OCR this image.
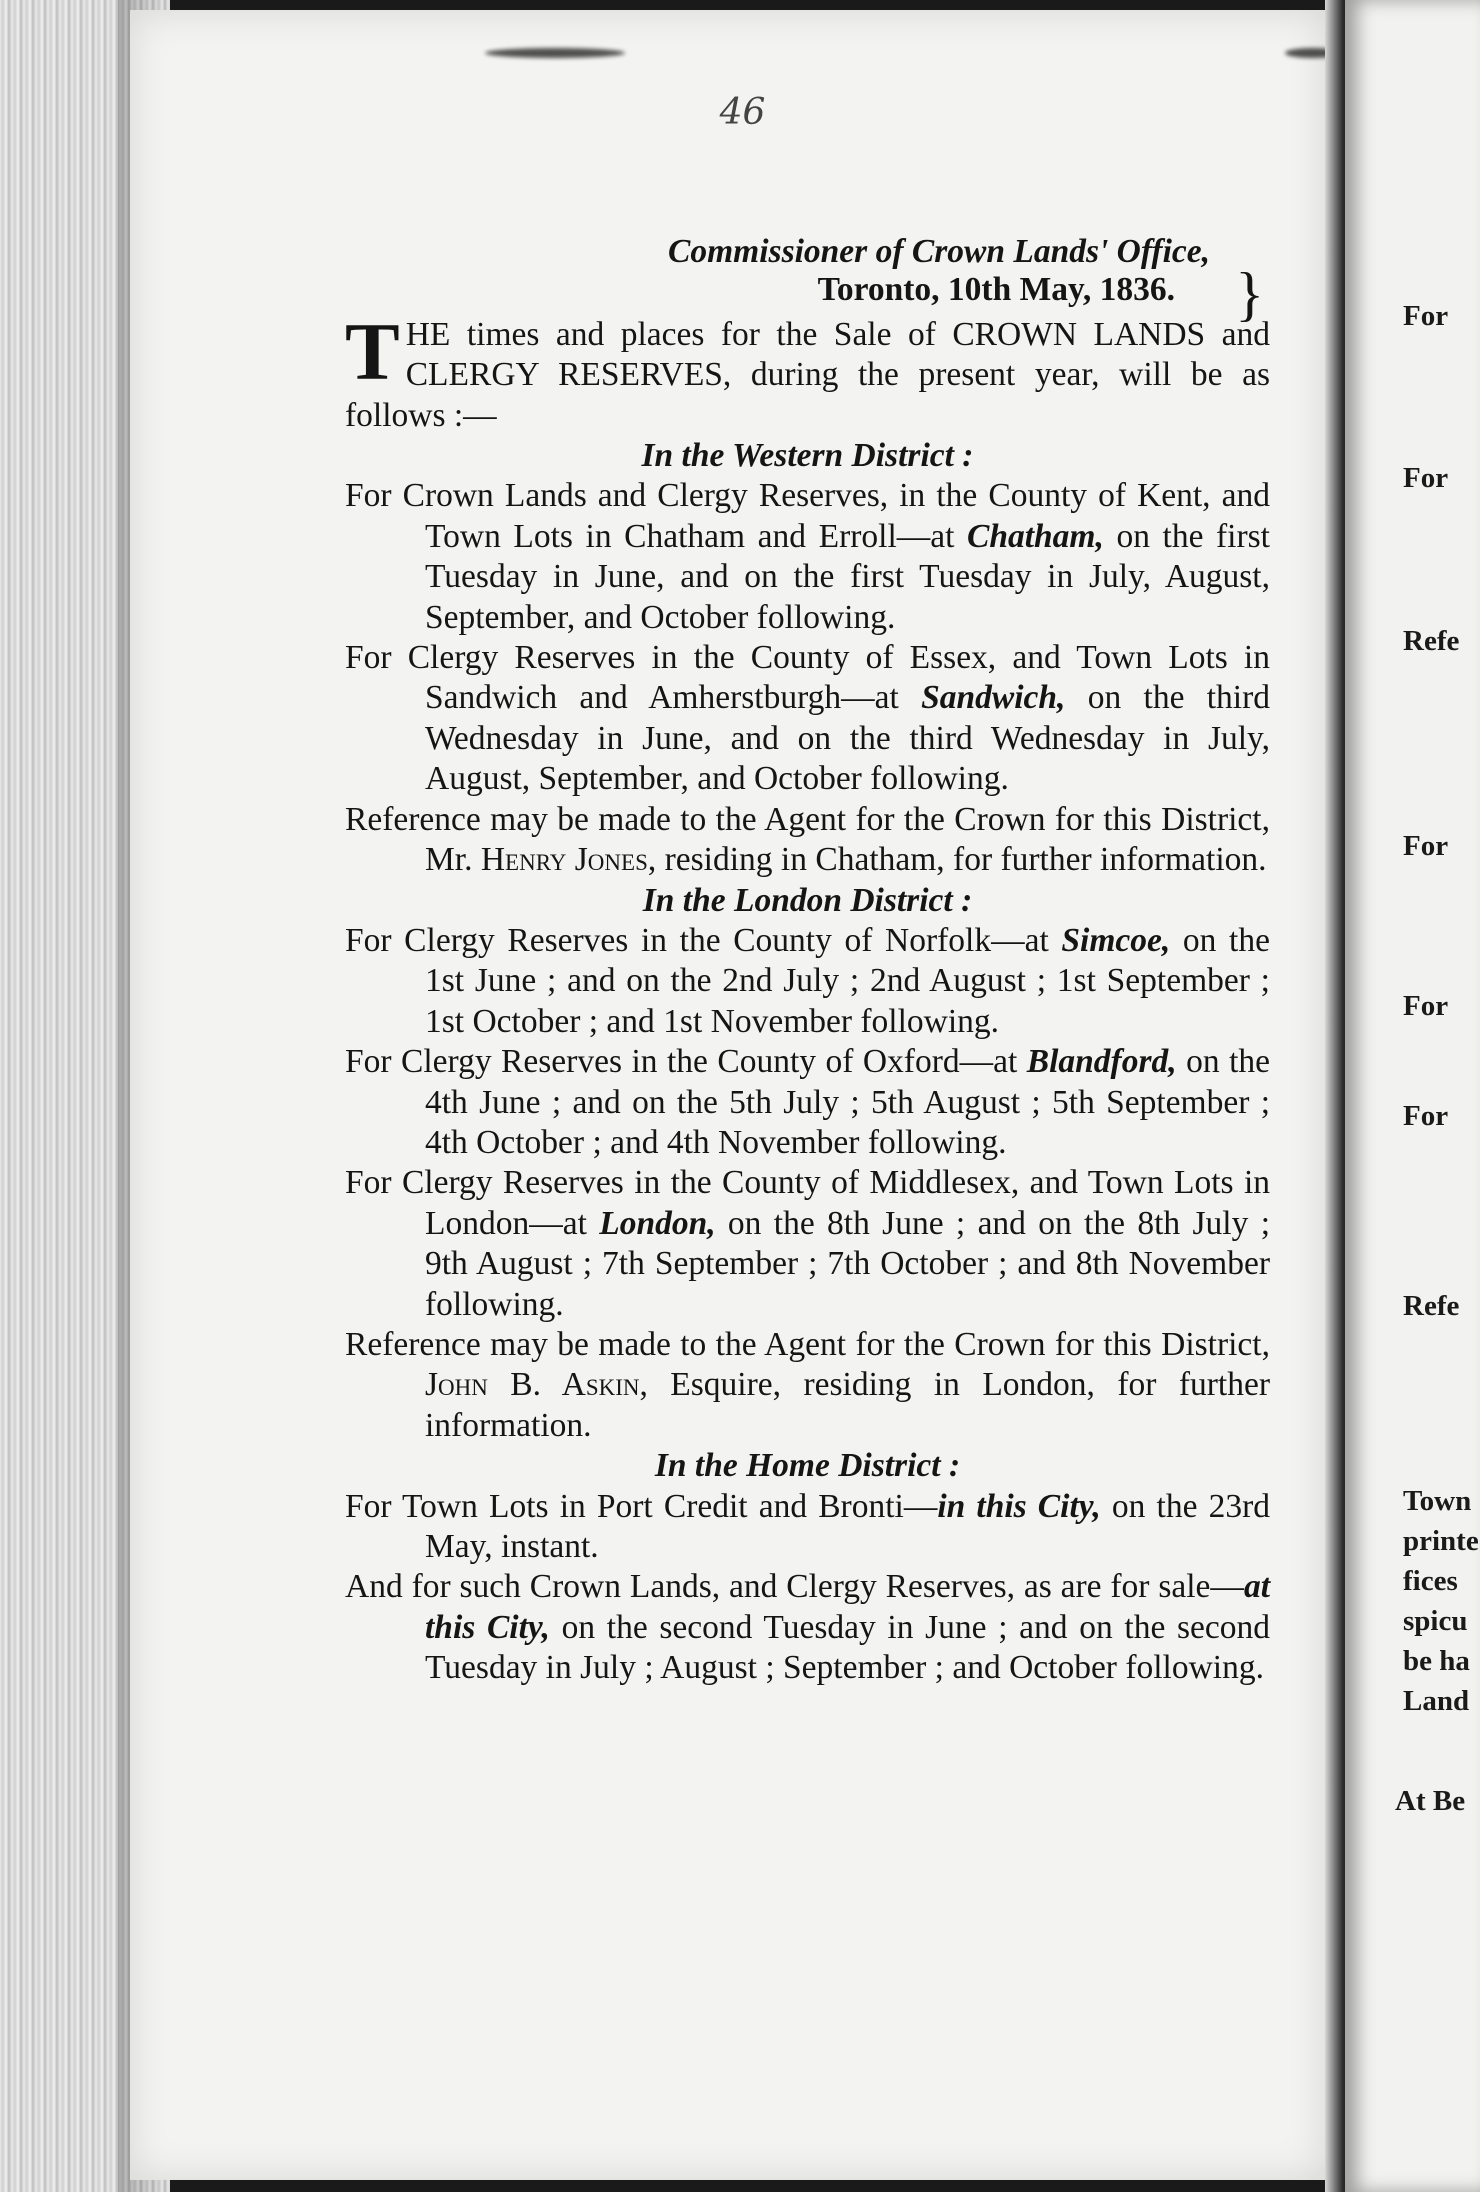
46
For
For
Refe
For
For
For
Refe
Town
printe
fices
spicu
be ha
Land
At Be
Commissioner of Crown Lands' Office,
Toronto, 10th May, 1836. }
T HE times and places for the Sale of CROWN LANDS and CLERGY RESERVES, during the present year, will be as follows :—
In the Western District :
For Crown Lands and Clergy Reserves, in the County of Kent, and Town Lots in Chatham and Erroll—at Chatham, on the first Tuesday in June, and on the first Tuesday in July, August, September, and October following.
For Clergy Reserves in the County of Essex, and Town Lots in Sandwich and Amherstburgh—at Sandwich, on the third Wednesday in June, and on the third Wednesday in July, August, September, and October following.
Reference may be made to the Agent for the Crown for this District, Mr. Henry Jones, residing in Chatham, for further information.
In the London District :
For Clergy Reserves in the County of Norfolk—at Simcoe, on the 1st June ; and on the 2nd July ; 2nd August ; 1st September ; 1st October ; and 1st November following.
For Clergy Reserves in the County of Oxford—at Blandford, on the 4th June ; and on the 5th July ; 5th August ; 5th September ; 4th October ; and 4th November following.
For Clergy Reserves in the County of Middlesex, and Town Lots in London—at London, on the 8th June ; and on the 8th July ; 9th August ; 7th September ; 7th October ; and 8th November following.
Reference may be made to the Agent for the Crown for this District, John B. Askin, Esquire, residing in London, for further information.
In the Home District :
For Town Lots in Port Credit and Bronti—in this City, on the 23rd May, instant.
And for such Crown Lands, and Clergy Reserves, as are for sale—at this City, on the second Tuesday in June ; and on the second Tuesday in July ; August ; September ; and October following.
